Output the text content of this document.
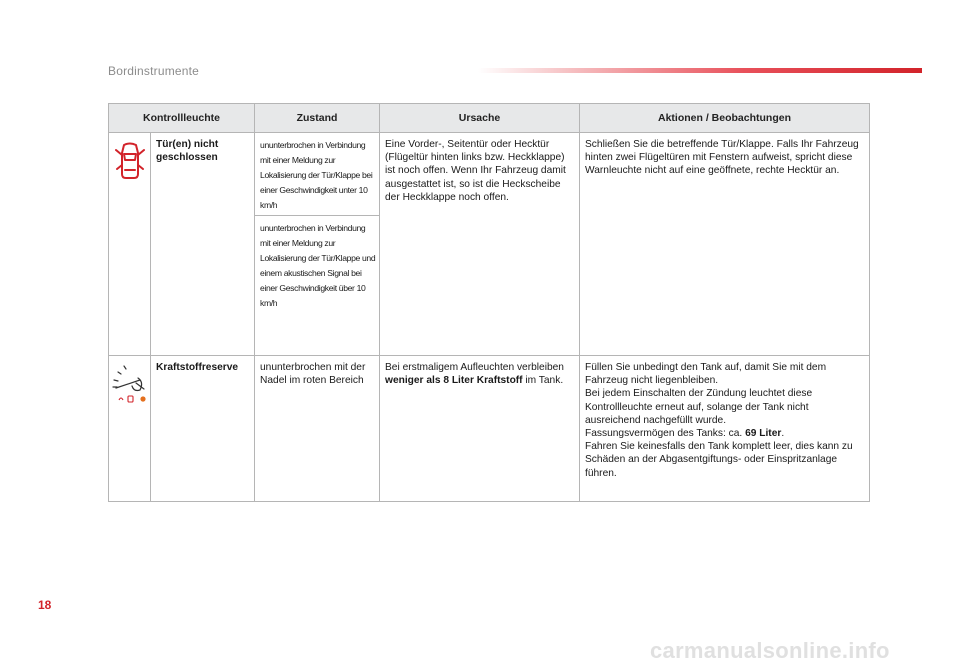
Bordinstrumente
Kontrollleuchte		Zustand	Ursache	Aktionen / Beobachtungen

Tür(en) nicht geschlossen	ununterbrochen in Verbindung mit einer Meldung zur Lokalisierung der Tür/Klappe bei einer Geschwindigkeit unter 10 km/h
ununterbrochen in Verbindung mit einer Meldung zur Lokalisierung der Tür/Klappe und einem akustischen Signal bei einer Geschwindigkeit über 10 km/h	Eine Vorder-, Seitentür oder Hecktür (Flügeltür hinten links bzw. Heckklappe) ist noch offen. Wenn Ihr Fahrzeug damit ausgestattet ist, so ist die Heckscheibe der Heckklappe noch offen.	Schließen Sie die betreffende Tür/Klappe. Falls Ihr Fahrzeug hinten zwei Flügeltüren mit Fenstern aufweist, spricht diese Warnleuchte nicht auf eine geöffnete, rechte Hecktür an.

Kraftstoffreserve	ununterbrochen mit der Nadel im roten Bereich	Bei erstmaligem Aufleuchten verbleiben weniger als 8 Liter Kraftstoff im Tank.	Füllen Sie unbedingt den Tank auf, damit Sie mit dem Fahrzeug nicht liegenbleiben.
Bei jedem Einschalten der Zündung leuchtet diese Kontrollleuchte erneut auf, solange der Tank nicht ausreichend nachgefüllt wurde.
Fassungsvermögen des Tanks: ca. 69 Liter.
Fahren Sie keinesfalls den Tank komplett leer, dies kann zu Schäden an der Abgasentgiftungs- oder Einspritzanlage führen.
18
carmanualsonline.info
